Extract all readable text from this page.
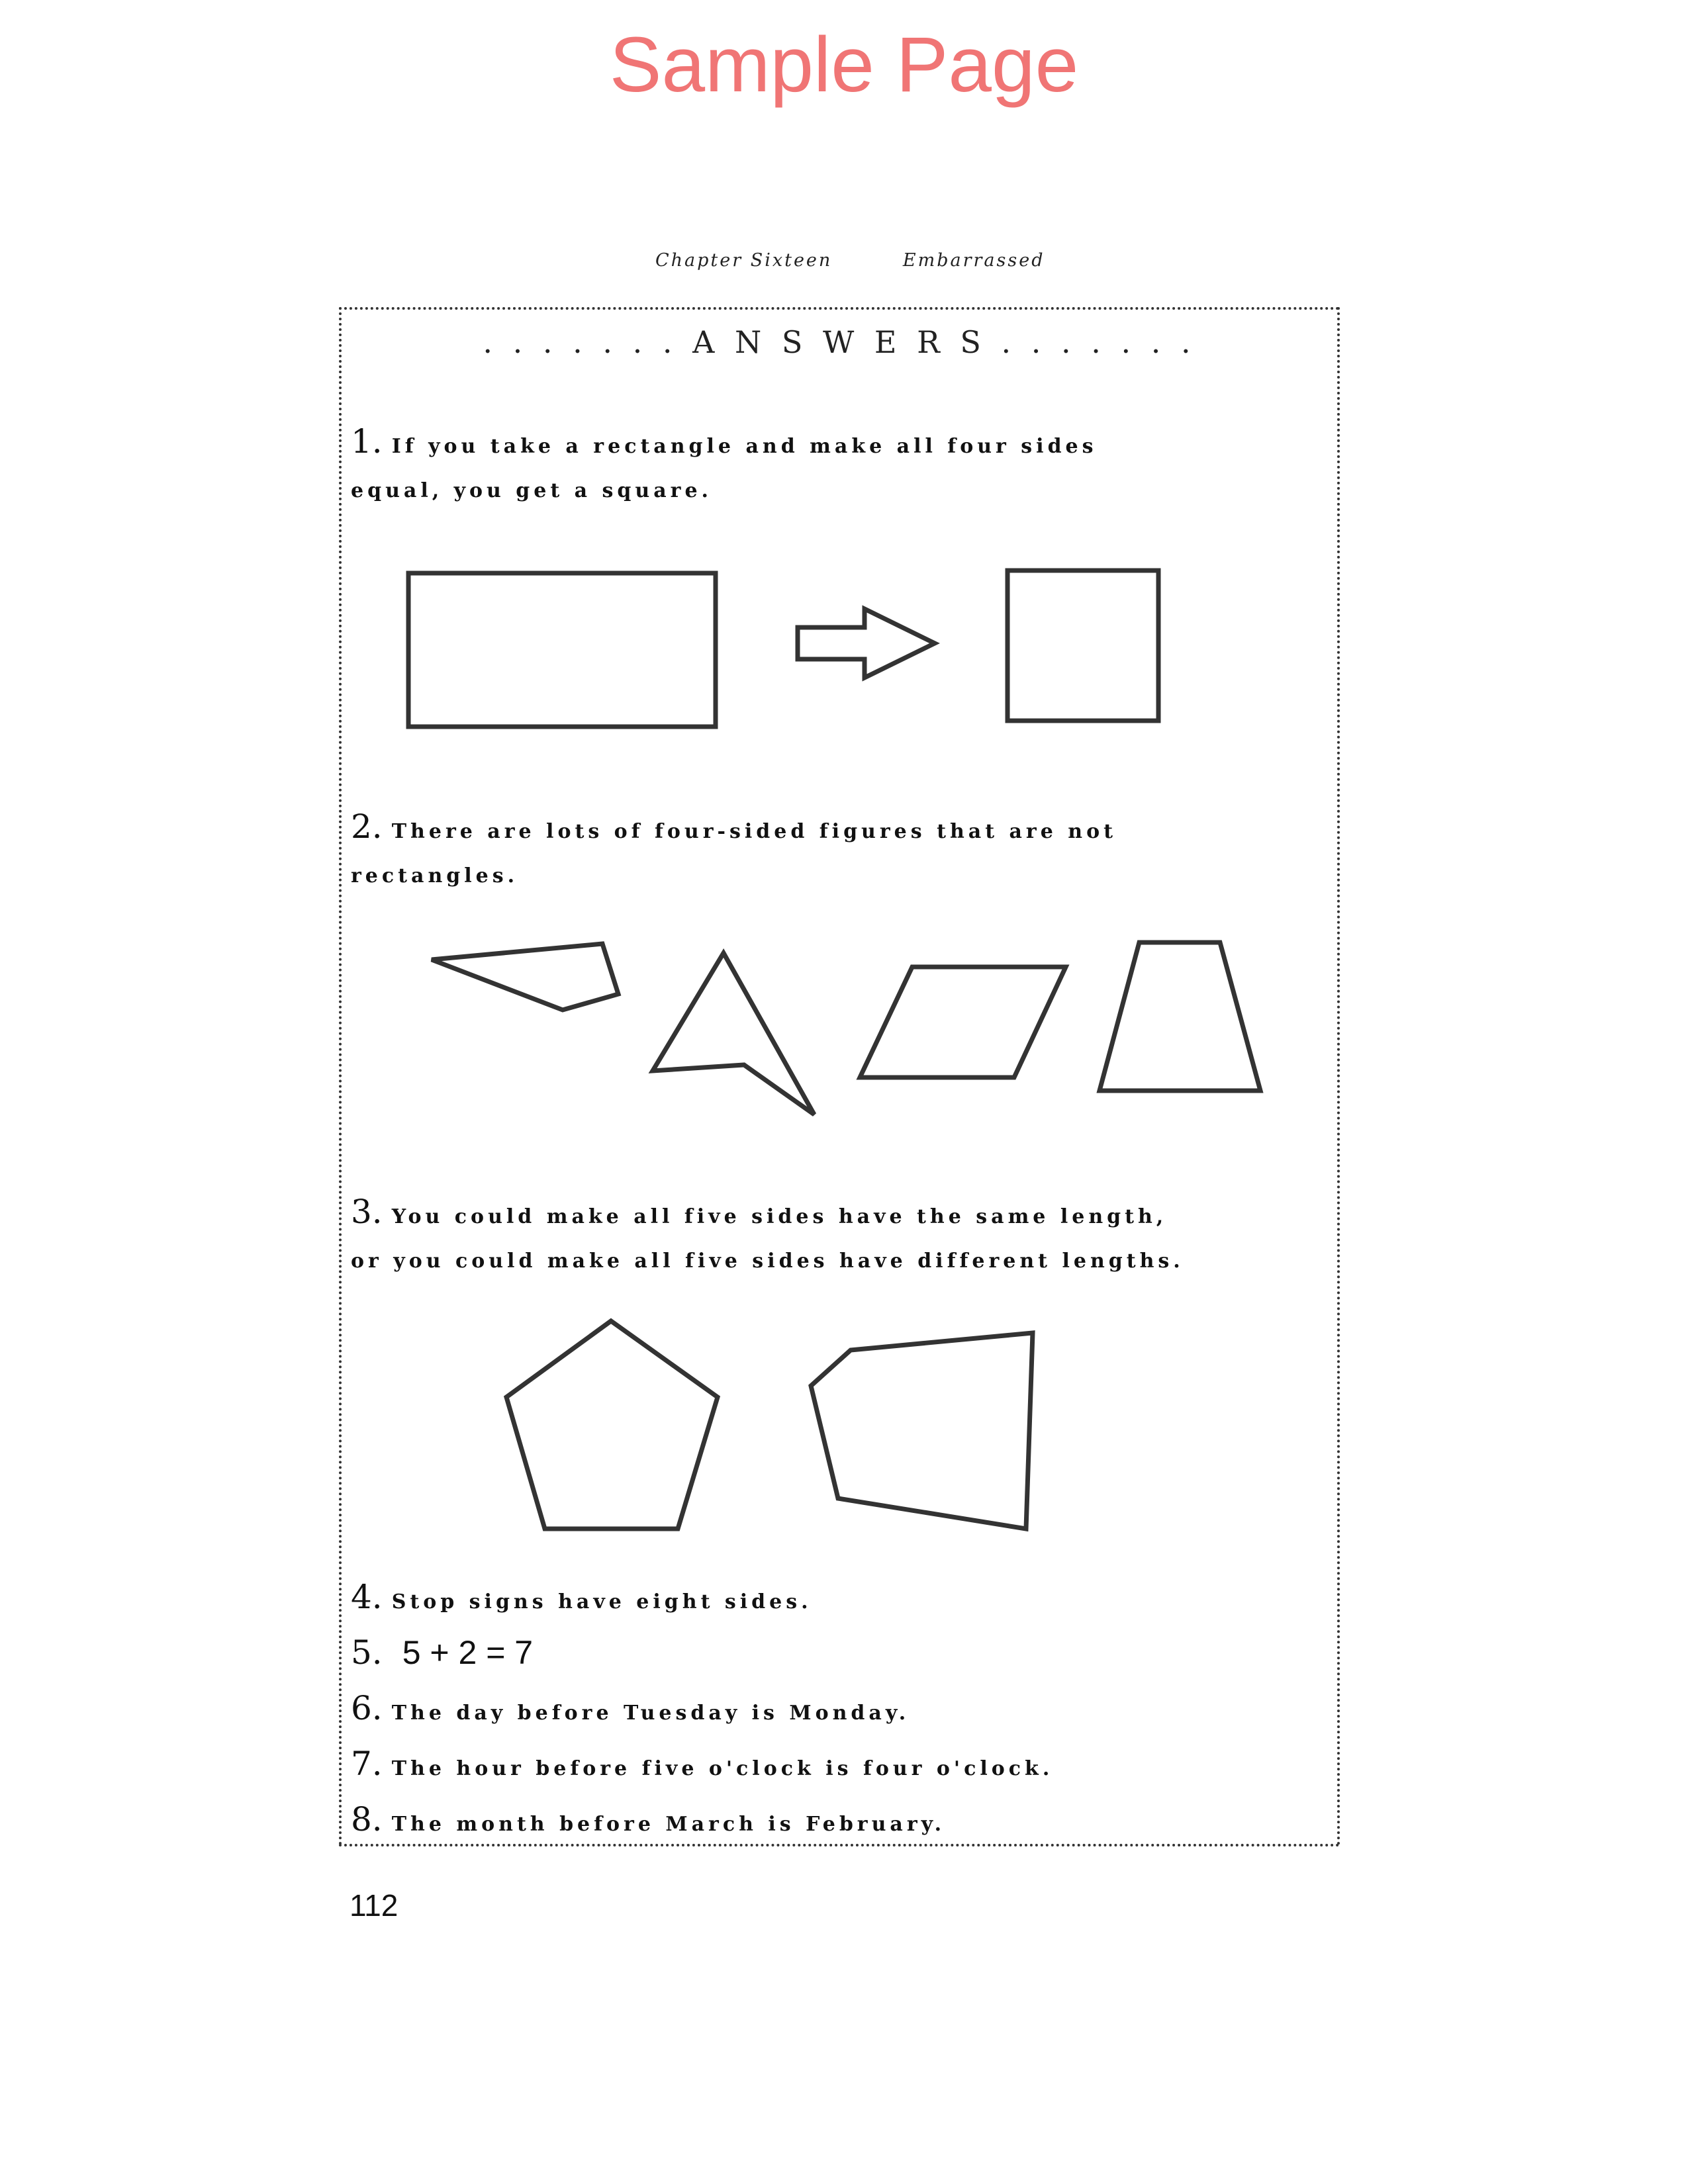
Sample Page
Chapter Sixteen	Embarrassed
. . . . . . . A N S W E R S . . . . . . .
1. If you take a rectangle and make all four sides
equal, you get a square.
2. There are lots of four-sided figures that are not
rectangles.
3. You could make all five sides have the same length,
or you could make all five sides have different lengths.
4. Stop signs have eight sides.
5. 5 + 2 = 7
6. The day before Tuesday is Monday.
7. The hour before five o'clock is four o'clock.
8. The month before March is February.
112
